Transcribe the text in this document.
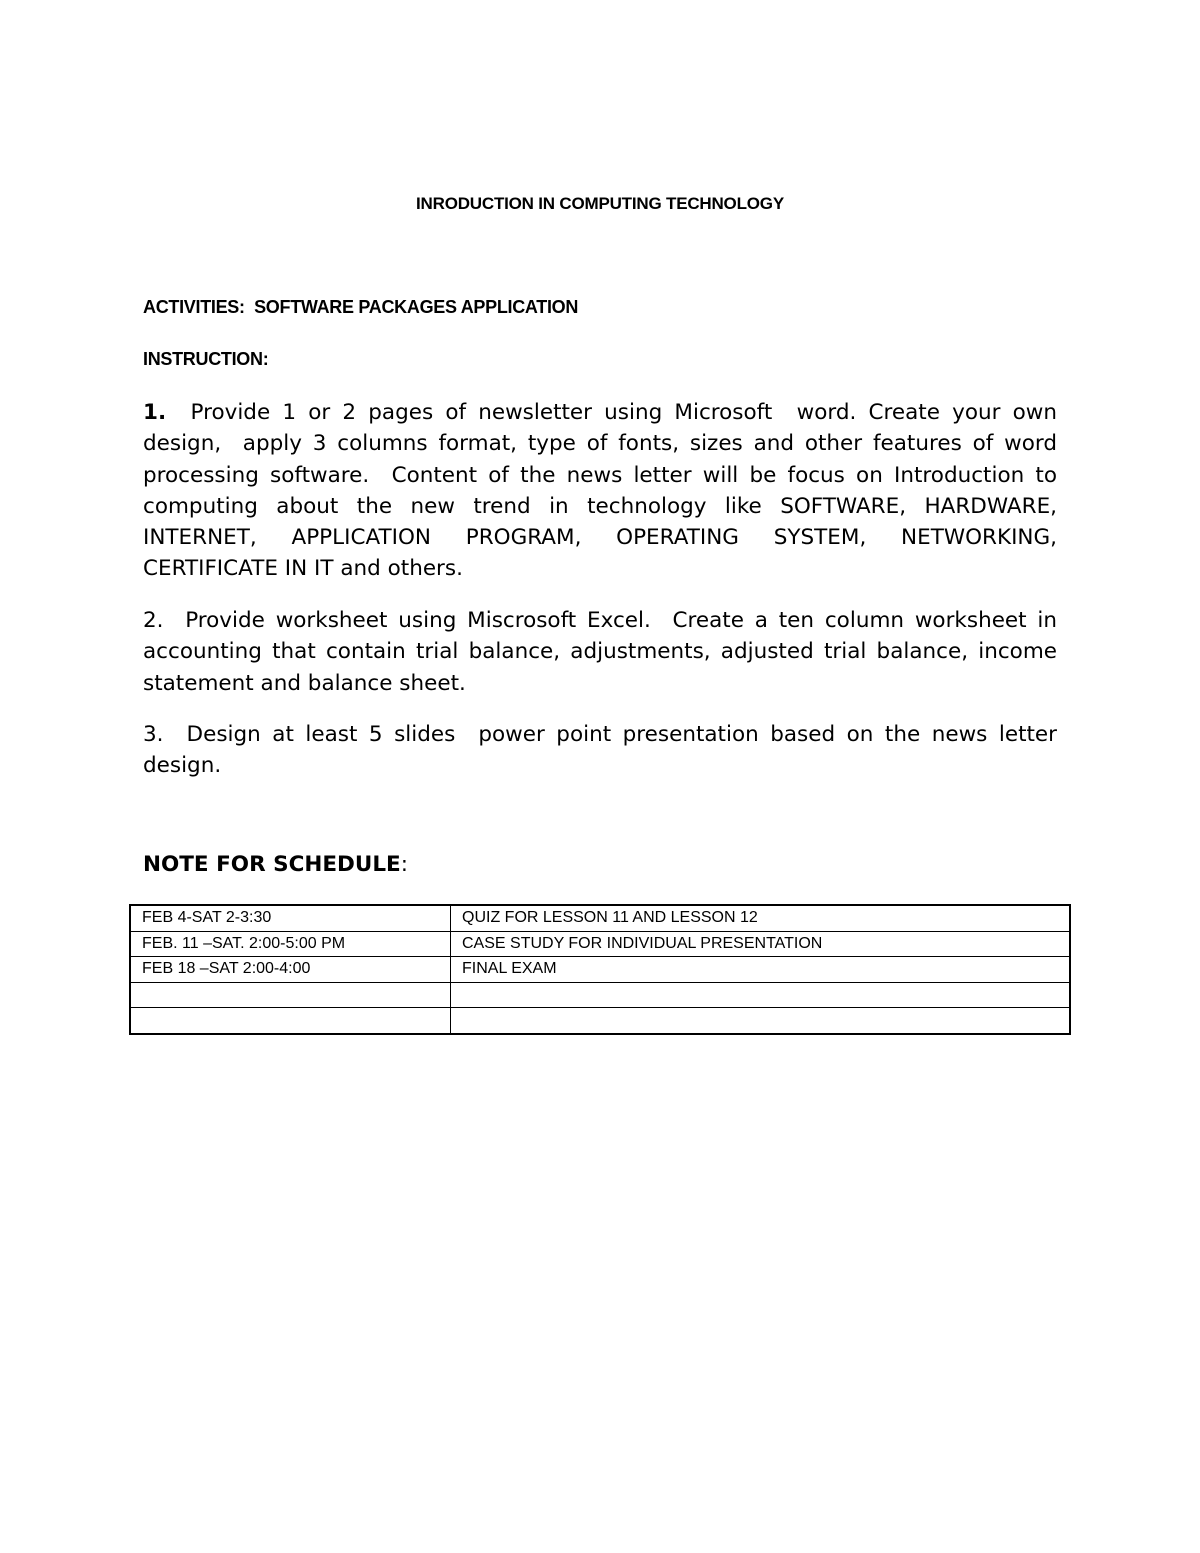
INRODUCTION IN COMPUTING TECHNOLOGY
ACTIVITIES:  SOFTWARE PACKAGES APPLICATION
INSTRUCTION:
1. Provide 1 or 2 pages of newsletter using Microsoft  word. Create your own design,  apply 3 columns format, type of fonts, sizes and other features of word processing software.  Content of the news letter will be focus on Introduction to computing about the new trend in technology like SOFTWARE, HARDWARE, INTERNET, APPLICATION PROGRAM, OPERATING SYSTEM, NETWORKING, CERTIFICATE IN IT and others.
2. Provide worksheet using Miscrosoft Excel.  Create a ten column worksheet in accounting that contain trial balance, adjustments, adjusted trial balance, income statement and balance sheet.
3. Design at least 5 slides  power point presentation based on the news letter design.
NOTE FOR SCHEDULE:
FEB 4-SAT 2-3:30	QUIZ FOR LESSON 11 AND LESSON 12
FEB. 11 –SAT. 2:00-5:00 PM	CASE STUDY FOR INDIVIDUAL PRESENTATION
FEB 18 –SAT 2:00-4:00	FINAL EXAM
